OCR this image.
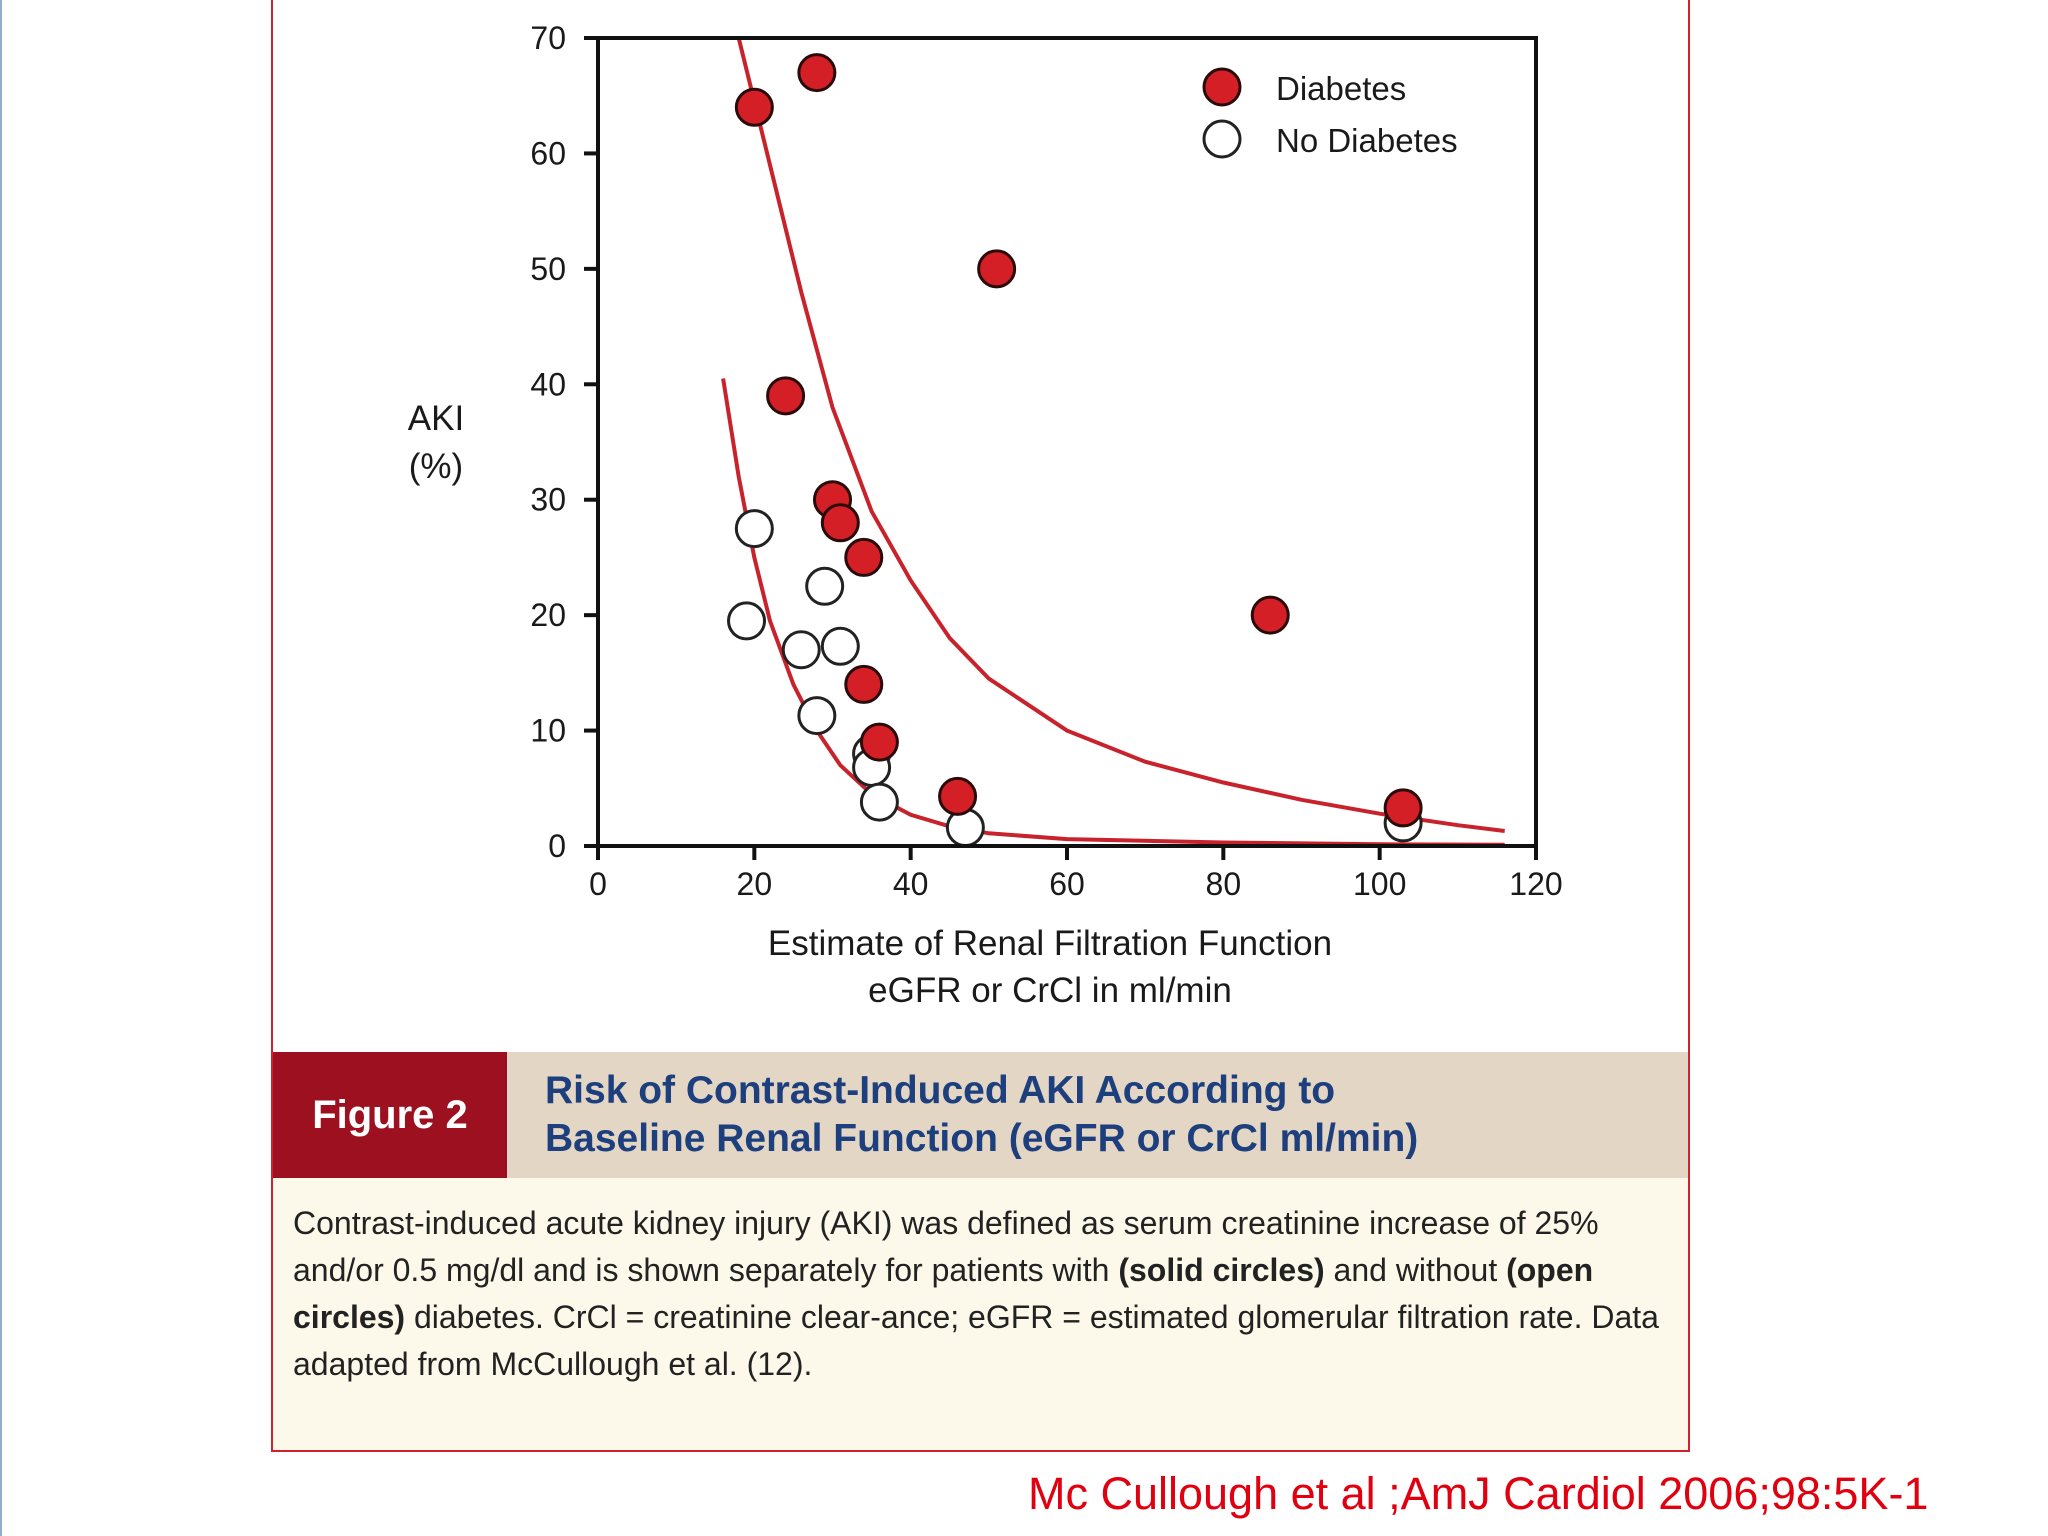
0
10
20
30
40
50
60
70
0	20	40	60	80	100	120
AKI
(%)
Estimate of Renal Filtration Function
eGFR or CrCl in ml/min
Diabetes
No Diabetes
Figure 2
Risk of Contrast-Induced AKI According to
Baseline Renal Function (eGFR or CrCl ml/min)
Contrast-induced acute kidney injury (AKI) was defined as serum creatinine increase of 25% and/or 0.5 mg/dl and is shown separately for patients with (solid circles) and without (open circles) diabetes. CrCl = creatinine clear-ance; eGFR = estimated glomerular filtration rate. Data adapted from McCullough et al. (12).
Mc Cullough et al ;AmJ Cardiol 2006;98:5K-1
